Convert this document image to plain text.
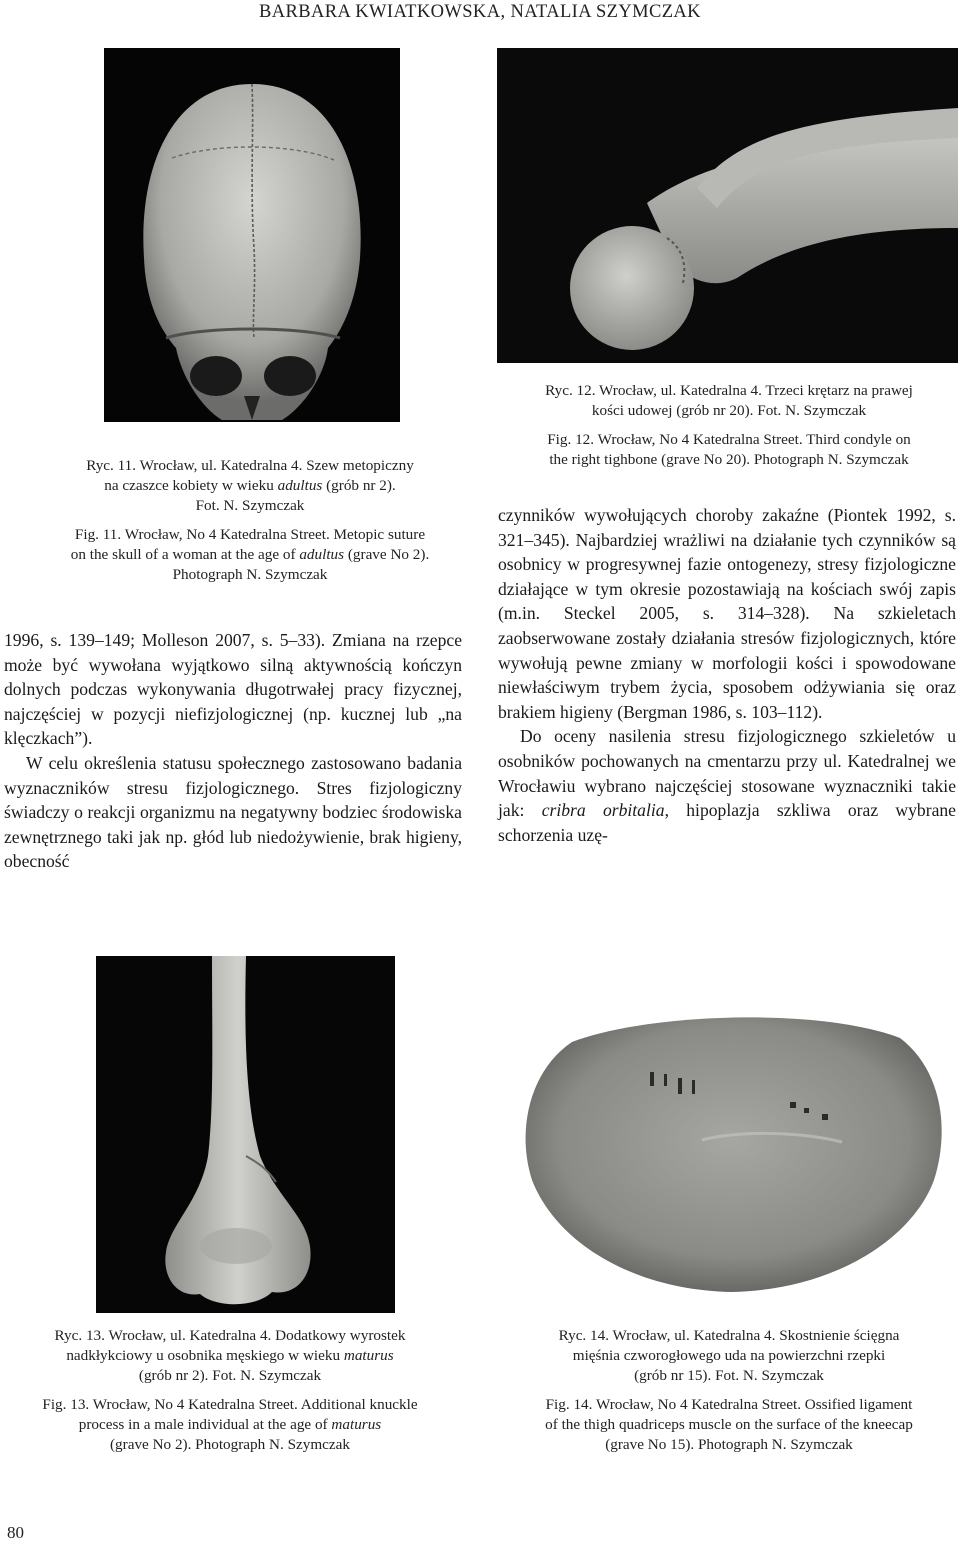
BARBARA KWIATKOWSKA, NATALIA SZYMCZAK

Ryc. 11. Wrocław, ul. Katedralna 4. Szew metopiczny

na czaszce kobiety w wieku adultus (grób nr 2).

Fot. N. Szymczak

Fig. 11. Wrocław, No 4 Katedralna Street. Metopic suture

on the skull of a woman at the age of adultus (grave No 2).

Photograph N. Szymczak

Ryc. 12. Wrocław, ul. Katedralna 4. Trzeci krętarz na prawej

kości udowej (grób nr 20). Fot. N. Szymczak

Fig. 12. Wrocław, No 4 Katedralna Street. Third condyle on

the right tighbone (grave No 20). Photograph N. Szymczak

1996, s. 139–149; Molleson 2007, s. 5–33). Zmiana na rzepce może być wywołana wyjątkowo silną aktywnością kończyn dolnych podczas wykonywania długotrwałej pracy fizycznej, najczęściej w pozycji niefizjologicznej (np. kucznej lub „na klęczkach”).

W celu określenia statusu społecznego zastosowano badania wyznaczników stresu fizjologicznego. Stres fizjologiczny świadczy o reakcji organizmu na negatywny bodziec środowiska zewnętrznego taki jak np. głód lub niedożywienie, brak higieny, obecność

czynników wywołujących choroby zakaźne (Piontek 1992, s. 321–345). Najbardziej wrażliwi na działanie tych czynników są osobnicy w progresywnej fazie ontogenezy, stresy fizjologiczne działające w tym okresie pozostawiają na kościach swój zapis (m.in. Steckel 2005, s. 314–328). Na szkieletach zaobserwowane zostały działania stresów fizjologicznych, które wywołują pewne zmiany w morfologii kości i spowodowane niewłaściwym trybem życia, sposobem odżywiania się oraz brakiem higieny (Bergman 1986, s. 103–112).

Do oceny nasilenia stresu fizjologicznego szkieletów u osobników pochowanych na cmentarzu przy ul. Katedralnej we Wrocławiu wybrano najczęściej stosowane wyznaczniki takie jak: cribra orbitalia, hipoplazja szkliwa oraz wybrane schorzenia uzę-

Ryc. 13. Wrocław, ul. Katedralna 4. Dodatkowy wyrostek

nadkłykciowy u osobnika męskiego w wieku maturus

(grób nr 2). Fot. N. Szymczak

Fig. 13. Wrocław, No 4 Katedralna Street. Additional knuckle

process in a male individual at the age of maturus

(grave No 2). Photograph N. Szymczak

Ryc. 14. Wrocław, ul. Katedralna 4. Skostnienie ścięgna

mięśnia czworogłowego uda na powierzchni rzepki

(grób nr 15). Fot. N. Szymczak

Fig. 14. Wrocław, No 4 Katedralna Street. Ossified ligament

of the thigh quadriceps muscle on the surface of the kneecap

(grave No 15). Photograph N. Szymczak

80
